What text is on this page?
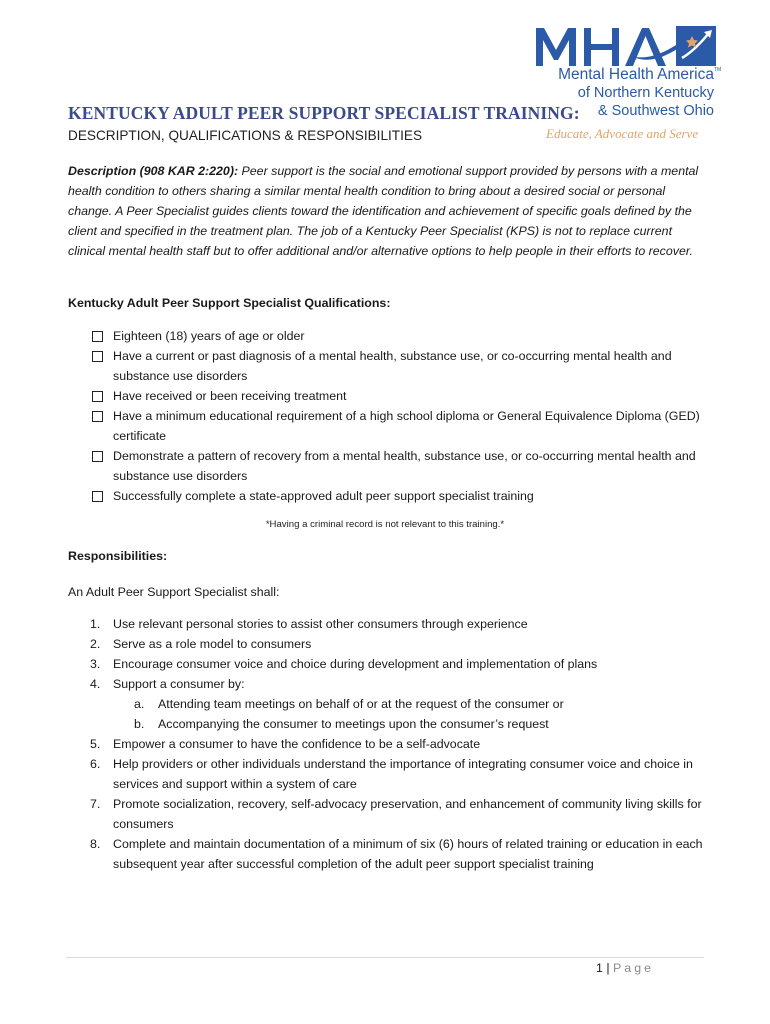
TM
Mental Health America
of Northern Kentucky
& Southwest Ohio
Educate, Advocate and Serve
KENTUCKY ADULT PEER SUPPORT SPECIALIST TRAINING:
DESCRIPTION, QUALIFICATIONS & RESPONSIBILITIES
Description (908 KAR 2:220): Peer support is the social and emotional support provided by persons with a mental health condition to others sharing a similar mental health condition to bring about a desired social or personal change. A Peer Specialist guides clients toward the identification and achievement of specific goals defined by the client and specified in the treatment plan. The job of a Kentucky Peer Specialist (KPS) is not to replace current clinical mental health staff but to offer additional and/or alternative options to help people in their efforts to recover.
Kentucky Adult Peer Support Specialist Qualifications:
Eighteen (18) years of age or older
Have a current or past diagnosis of a mental health, substance use, or co-occurring mental health and substance use disorders
Have received or been receiving treatment
Have a minimum educational requirement of a high school diploma or General Equivalence Diploma (GED) certificate
Demonstrate a pattern of recovery from a mental health, substance use, or co-occurring mental health and substance use disorders
Successfully complete a state-approved adult peer support specialist training
*Having a criminal record is not relevant to this training.*
Responsibilities:
An Adult Peer Support Specialist shall:
1. Use relevant personal stories to assist other consumers through experience
2. Serve as a role model to consumers
3. Encourage consumer voice and choice during development and implementation of plans
4. Support a consumer by:
a. Attending team meetings on behalf of or at the request of the consumer or
b. Accompanying the consumer to meetings upon the consumer’s request
5. Empower a consumer to have the confidence to be a self-advocate
6. Help providers or other individuals understand the importance of integrating consumer voice and choice in services and support within a system of care
7. Promote socialization, recovery, self-advocacy preservation, and enhancement of community living skills for consumers
8. Complete and maintain documentation of a minimum of six (6) hours of related training or education in each subsequent year after successful completion of the adult peer support specialist training
1 | Page
